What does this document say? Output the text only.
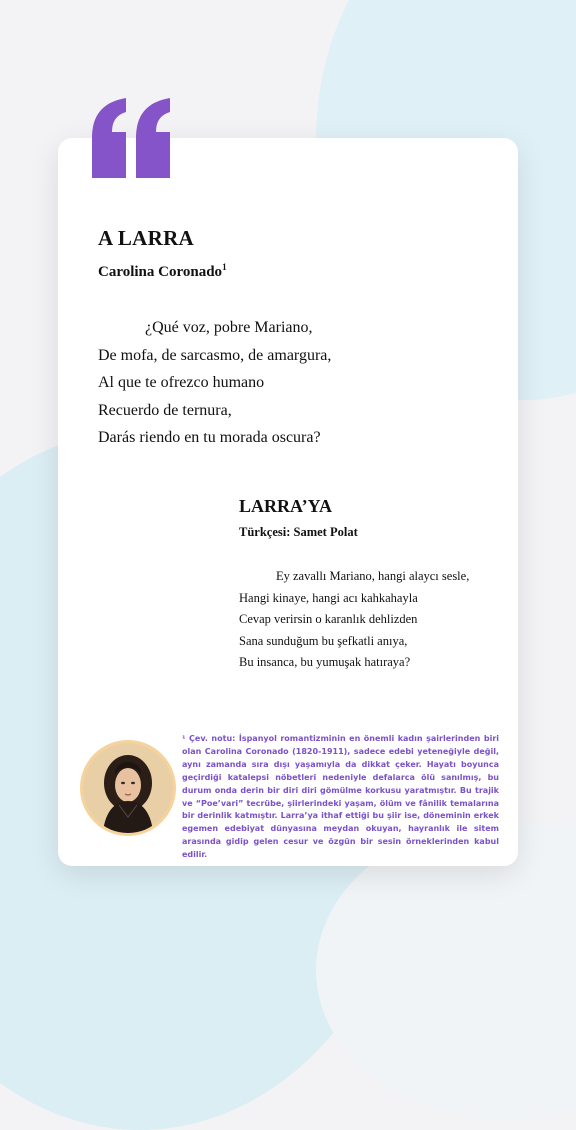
A LARRA
Carolina Coronado$^1$
¿Qué voz, pobre Mariano,
De mofa, de sarcasmo, de amargura,
Al que te ofrezco humano
Recuerdo de ternura,
Darás riendo en tu morada oscura?
LARRA’YA
Türkçesi: Samet Polat
Ey zavallı Mariano, hangi alaycı sesle,
Hangi kinaye, hangi acı kahkahayla
Cevap verirsin o karanlık dehlizden
Sana sunduğum bu şefkatli anıya,
Bu insanca, bu yumuşak hatıraya?
¹ Çev. notu: İspanyol romantizminin en önemli kadın şairlerinden biri olan Carolina Coronado (1820-1911), sadece edebi yeteneğiyle değil, aynı zamanda sıra dışı yaşamıyla da dikkat çeker. Hayatı boyunca geçirdiği katalepsi nöbetleri nedeniyle defalarca ölü sanılmış, bu durum onda derin bir diri diri gömülme korkusu yaratmıştır. Bu trajik ve “Poe’vari” tecrübe, şiirlerindeki yaşam, ölüm ve fânilik temalarına bir derinlik katmıştır. Larra’ya ithaf ettiği bu şiir ise, döneminin erkek egemen edebiyat dünyasına meydan okuyan, hayranlık ile sitem arasında gidip gelen cesur ve özgün bir sesin örneklerinden kabul edilir.
